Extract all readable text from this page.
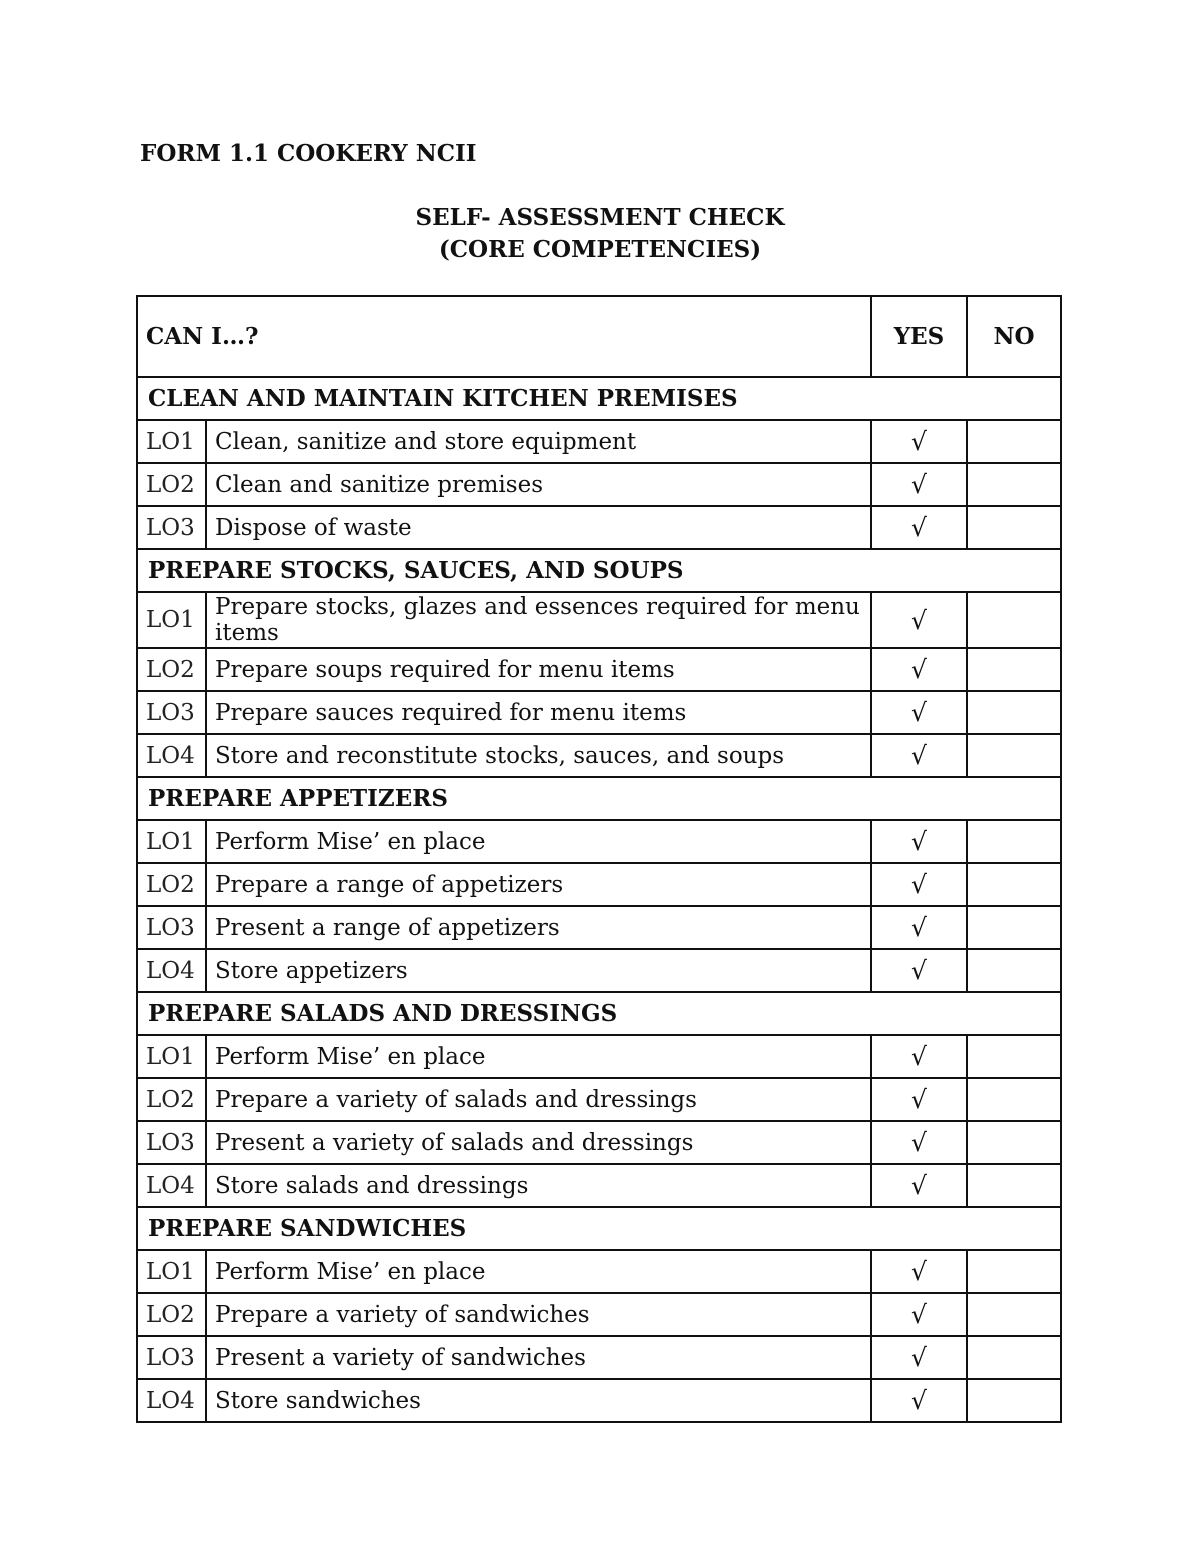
FORM 1.1 COOKERY NCII
SELF- ASSESSMENT CHECK
(CORE COMPETENCIES)
CAN I…?		YES	NO
CLEAN AND MAINTAIN KITCHEN PREMISES			
LO1	Clean, sanitize and store equipment	√	
LO2	Clean and sanitize premises	√	
LO3	Dispose of waste	√	
PREPARE STOCKS, SAUCES, AND SOUPS			
LO1	Prepare stocks, glazes and essences required for menu items	√	
LO2	Prepare soups required for menu items	√	
LO3	Prepare sauces required for menu items	√	
LO4	Store and reconstitute stocks, sauces, and soups	√	
PREPARE APPETIZERS			
LO1	Perform Mise’ en place	√	
LO2	Prepare a range of appetizers	√	
LO3	Present a range of appetizers	√	
LO4	Store appetizers	√	
PREPARE SALADS AND DRESSINGS			
LO1	Perform Mise’ en place	√	
LO2	Prepare a variety of salads and dressings	√	
LO3	Present a variety of salads and dressings	√	
LO4	Store salads and dressings	√	
PREPARE SANDWICHES			
LO1	Perform Mise’ en place	√	
LO2	Prepare a variety of sandwiches	√	
LO3	Present a variety of sandwiches	√	
LO4	Store sandwiches	√	
